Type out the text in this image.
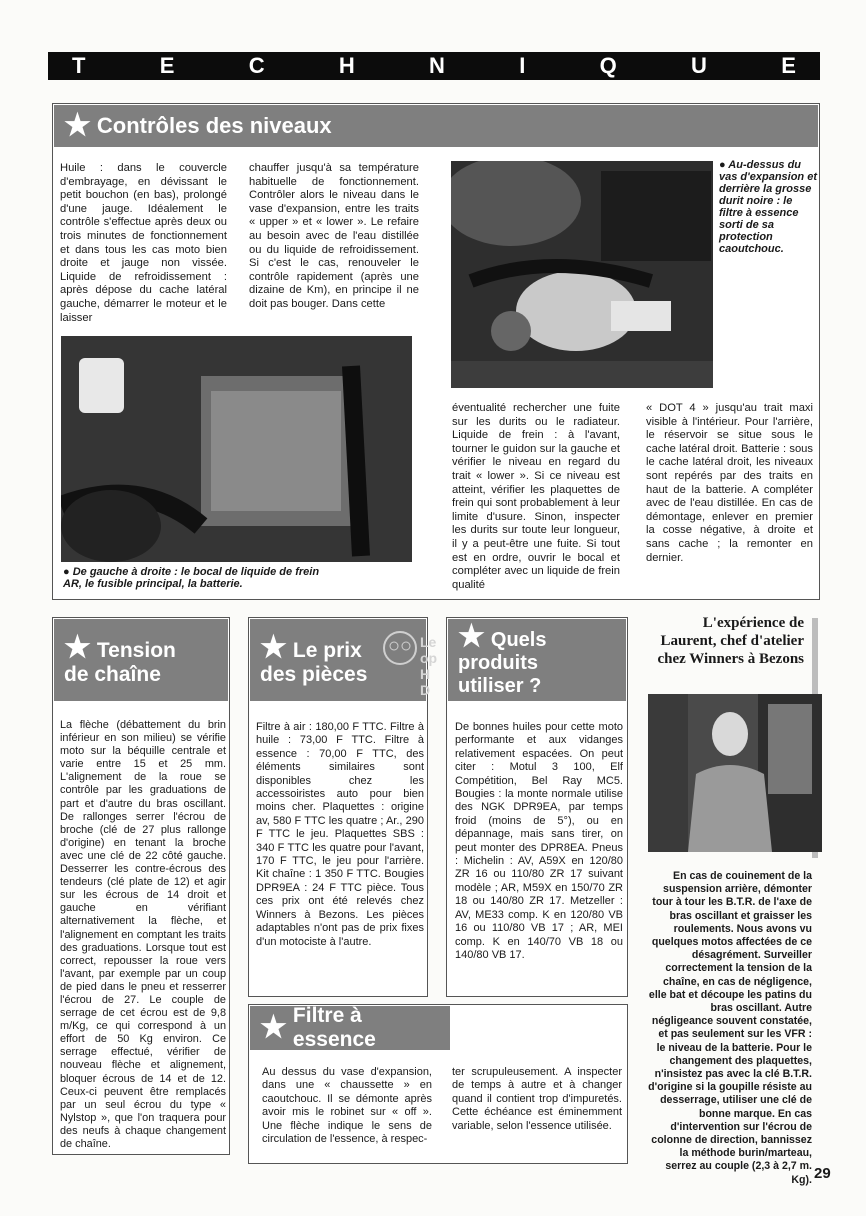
T	E	C	H	N	I	Q	U	E
★ Contrôles des niveaux

Huile : dans le couvercle d'embrayage, en dévissant le petit bouchon (en bas), prolongé d'une jauge. Idéalement le contrôle s'effectue après deux ou trois minutes de fonctionnement et dans tous les cas moto bien droite et jauge non vissée. Liquide de refroidissement : après dépose du cache latéral gauche, démarrer le moteur et le laisser

chauffer jusqu'à sa température habituelle de fonctionnement. Contrôler alors le niveau dans le vase d'expansion, entre les traits « upper » et « lower ». Le refaire au besoin avec de l'eau distillée ou du liquide de refroidissement. Si c'est le cas, renouveler le contrôle rapidement (après une dizaine de Km), en principe il ne doit pas bouger. Dans cette

● Au-dessus du vas d'expansion et derrière la grosse durit noire : le filtre à essence sorti de sa protection caoutchouc.
● De gauche à droite : le bocal de liquide de frein AR, le fusible principal, la batterie.

éventualité rechercher une fuite sur les durits ou le radiateur. Liquide de frein : à l'avant, tourner le guidon sur la gauche et vérifier le niveau en regard du trait « lower ». Si ce niveau est atteint, vérifier les plaquettes de frein qui sont probablement à leur limite d'usure. Sinon, inspecter les durits sur toute leur longueur, il y a peut-être une fuite. Si tout est en ordre, ouvrir le bocal et compléter avec un liquide de frein qualité

« DOT 4 » jusqu'au trait maxi visible à l'intérieur. Pour l'arrière, le réservoir se situe sous le cache latéral droit. Batterie : sous le cache latéral droit, les niveaux sont repérés par des traits en haut de la batterie. A compléter avec de l'eau distillée. En cas de démontage, enlever en premier la cosse négative, à droite et sans cache ; la remonter en dernier.

★ Tension
de chaîne

La flèche (débattement du brin inférieur en son milieu) se vérifie moto sur la béquille centrale et varie entre 15 et 25 mm. L'alignement de la roue se contrôle par les graduations de part et d'autre du bras oscillant. De rallonges serrer l'écrou de broche (clé de 27 plus rallonge d'origine) en tenant la broche avec une clé de 22 côté gauche. Desserrer les contre-écrous des tendeurs (clé plate de 12) et agir sur les écrous de 14 droit et gauche en vérifiant alternativement la flèche, et l'alignement en comptant les traits des graduations. Lorsque tout est correct, repousser la roue vers l'avant, par exemple par un coup de pied dans le pneu et resserrer l'écrou de 27. Le couple de serrage de cet écrou est de 9,8 m/Kg, ce qui correspond à un effort de 50 Kg environ. Ce serrage effectué, vérifier de nouveau flèche et alignement, bloquer écrous de 14 et de 12. Ceux-ci peuvent être remplacés par un seul écrou du type « Nylstop », que l'on traquera pour des neufs à chaque changement de chaîne.

★ Le prix
des pièces
LeopHD

Filtre à air : 180,00 F TTC. Filtre à huile : 73,00 F TTC. Filtre à essence : 70,00 F TTC, des éléments similaires sont disponibles chez les accessoiristes auto pour bien moins cher. Plaquettes : origine av, 580 F TTC les quatre ; Ar., 290 F TTC le jeu. Plaquettes SBS : 340 F TTC les quatre pour l'avant, 170 F TTC, le jeu pour l'arrière. Kit chaîne : 1 350 F TTC. Bougies DPR9EA : 24 F TTC pièce. Tous ces prix ont été relevés chez Winners à Bezons. Les pièces adaptables n'ont pas de prix fixes d'un motociste à l'autre.

★ Quels produits
utiliser ?

De bonnes huiles pour cette moto performante et aux vidanges relativement espacées. On peut citer : Motul 3 100, Elf Compétition, Bel Ray MC5. Bougies : la monte normale utilise des NGK DPR9EA, par temps froid (moins de 5°), ou en dépannage, mais sans tirer, on peut monter des DPR8EA. Pneus : Michelin : AV, A59X en 120/80 ZR 16 ou 110/80 ZR 17 suivant modèle ; AR, M59X en 150/70 ZR 18 ou 140/80 ZR 17. Metzeller : AV, ME33 comp. K en 120/80 VB 16 ou 110/80 VB 17 ; AR, MEI comp. K en 140/70 VB 18 ou 140/80 VB 17.

★ Filtre à essence

Au dessus du vase d'expansion, dans une « chaussette » en caoutchouc. Il se démonte après avoir mis le robinet sur « off ». Une flèche indique le sens de circulation de l'essence, à respec-

ter scrupuleusement. A inspecter de temps à autre et à changer quand il contient trop d'impuretés. Cette échéance est éminemment variable, selon l'essence utilisée.

L'expérience de Laurent, chef d'atelier chez Winners à Bezons
En cas de couinement de la suspension arrière, démonter tour à tour les B.T.R. de l'axe de bras oscillant et graisser les roulements. Nous avons vu quelques motos affectées de ce désagrément. Surveiller correctement la tension de la chaîne, en cas de négligence, elle bat et découpe les patins du bras oscillant. Autre négligeance souvent constatée, et pas seulement sur les VFR : le niveau de la batterie. Pour le changement des plaquettes, n'insistez pas avec la clé B.T.R. d'origine si la goupille résiste au desserrage, utiliser une clé de bonne marque. En cas d'intervention sur l'écrou de colonne de direction, bannissez la méthode burin/marteau, serrez au couple (2,3 à 2,7 m. Kg). 29
